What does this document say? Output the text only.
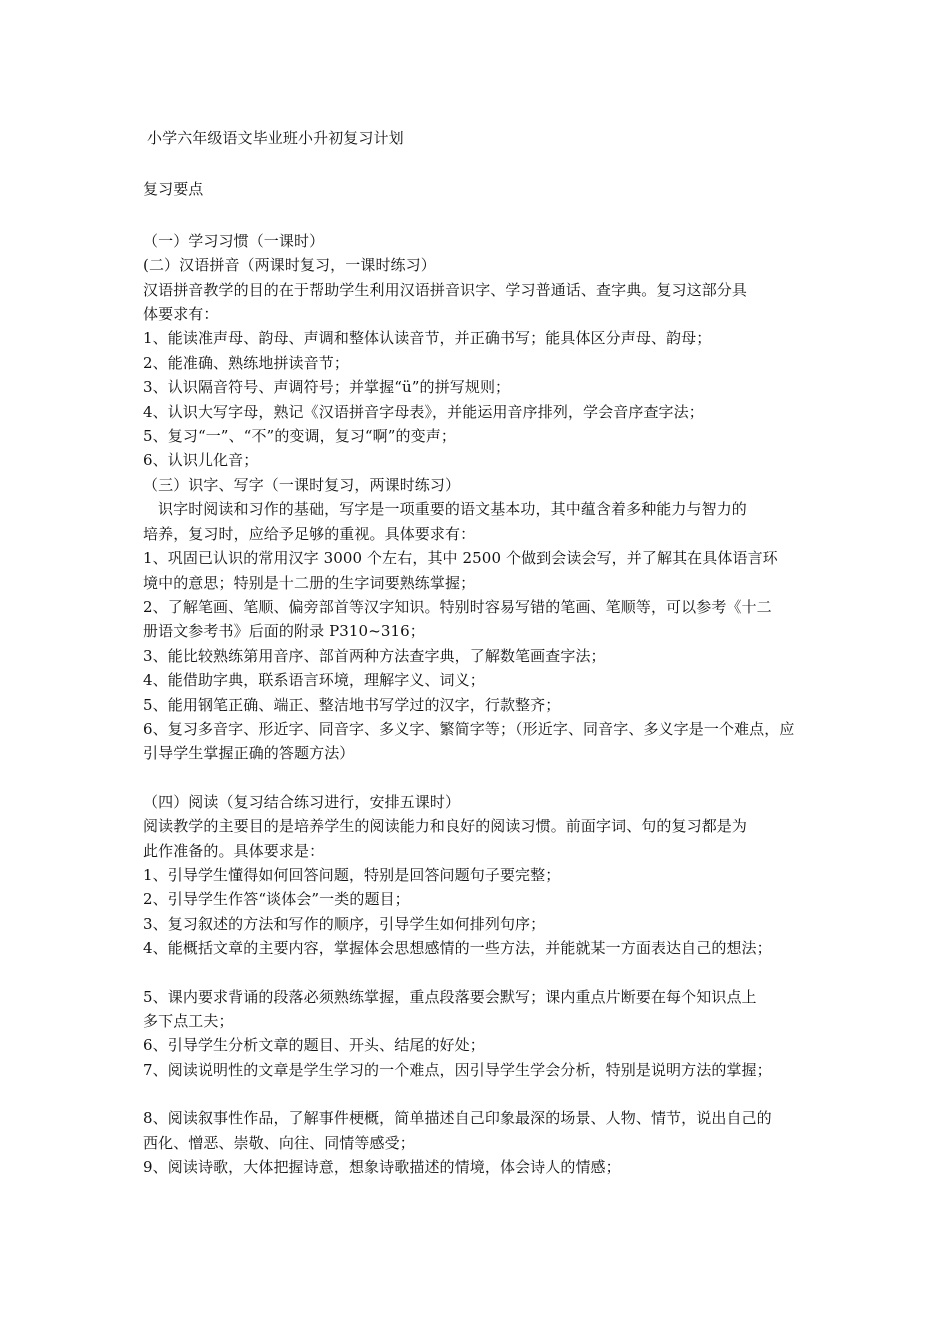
小学六年级语文毕业班小升初复习计划

复习要点

（一）学习习惯（一课时）

(二）汉语拼音（两课时复习，一课时练习）

汉语拼音教学的目的在于帮助学生利用汉语拼音识字、学习普通话、查字典。复习这部分具

体要求有：

1、能读准声母、韵母、声调和整体认读音节，并正确书写；能具体区分声母、韵母；

2、能准确、熟练地拼读音节；

3、认识隔音符号、声调符号；并掌握“ü”的拼写规则；

4、认识大写字母，熟记《汉语拼音字母表》，并能运用音序排列，学会音序查字法；

5、复习“一”、“不”的变调，复习“啊”的变声；

6、认识儿化音；

（三）识字、写字（一课时复习，两课时练习）

识字时阅读和习作的基础，写字是一项重要的语文基本功，其中蕴含着多种能力与智力的

培养，复习时，应给予足够的重视。具体要求有：

1、巩固已认识的常用汉字 3000 个左右，其中 2500 个做到会读会写，并了解其在具体语言环

境中的意思；特别是十二册的生字词要熟练掌握；

2、了解笔画、笔顺、偏旁部首等汉字知识。特别时容易写错的笔画、笔顺等，可以参考《十二

册语文参考书》后面的附录 P310~316；

3、能比较熟练第用音序、部首两种方法查字典，了解数笔画查字法；

4、能借助字典，联系语言环境，理解字义、词义；

5、能用钢笔正确、端正、整洁地书写学过的汉字，行款整齐；

6、复习多音字、形近字、同音字、多义字、繁简字等；（形近字、同音字、多义字是一个难点，应

引导学生掌握正确的答题方法）

（四）阅读（复习结合练习进行，安排五课时）

阅读教学的主要目的是培养学生的阅读能力和良好的阅读习惯。前面字词、句的复习都是为

此作准备的。具体要求是：

1、引导学生懂得如何回答问题，特别是回答问题句子要完整；

2、引导学生作答“谈体会”一类的题目；

3、复习叙述的方法和写作的顺序，引导学生如何排列句序；

4、能概括文章的主要内容，掌握体会思想感情的一些方法，并能就某一方面表达自己的想法；

5、课内要求背诵的段落必须熟练掌握，重点段落要会默写；课内重点片断要在每个知识点上

多下点工夫；

6、引导学生分析文章的题目、开头、结尾的好处；

7、阅读说明性的文章是学生学习的一个难点，因引导学生学会分析，特别是说明方法的掌握；

8、阅读叙事性作品，了解事件梗概，简单描述自己印象最深的场景、人物、情节，说出自己的

西化、憎恶、崇敬、向往、同情等感受；

9、阅读诗歌，大体把握诗意，想象诗歌描述的情境，体会诗人的情感；
